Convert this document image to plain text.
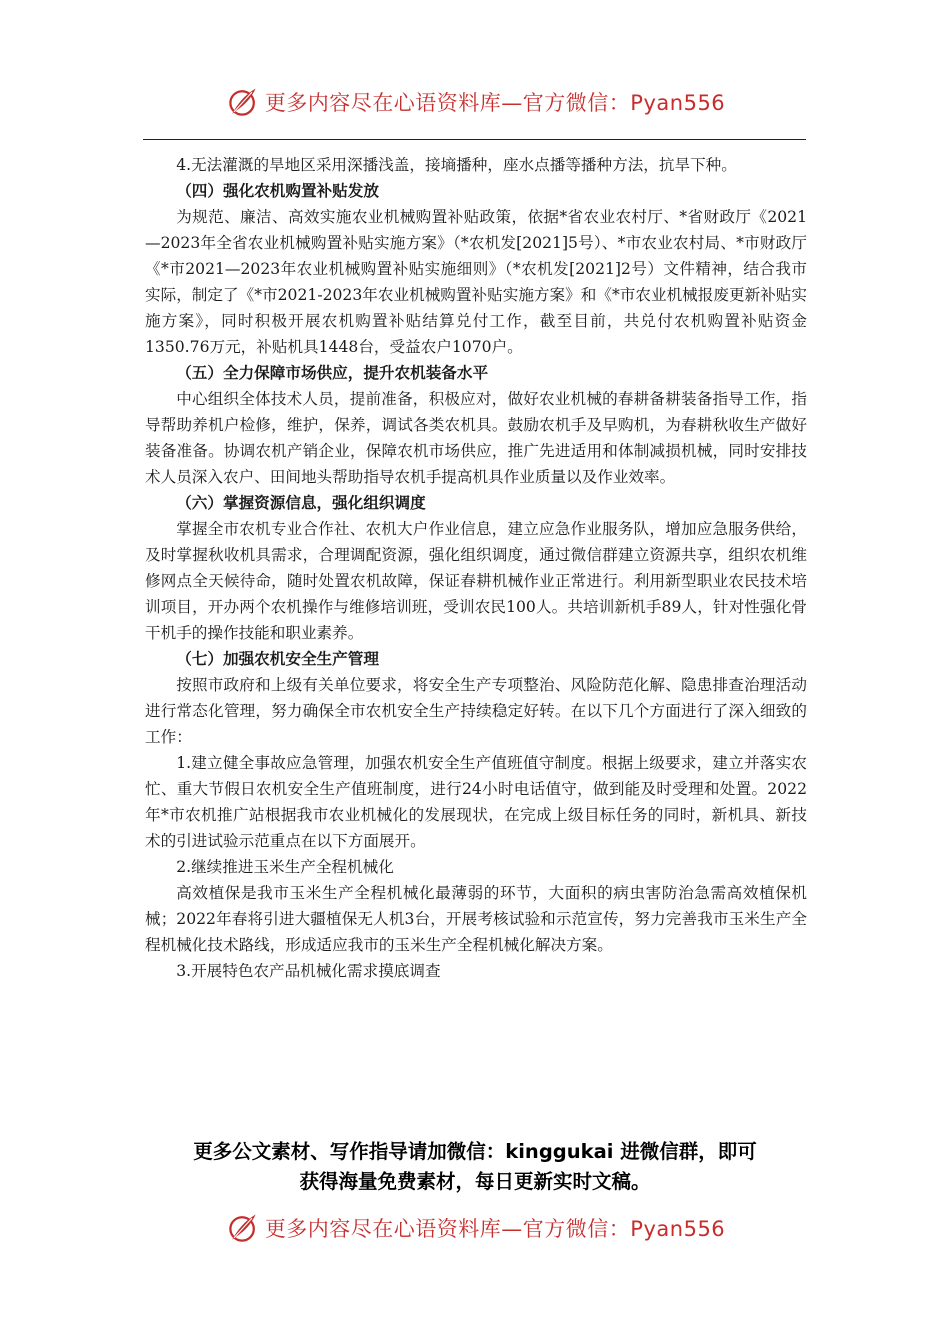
更多内容尽在心语资料库—官方微信：Pyan556

4.无法灌溉的旱地区采用深播浅盖，接墒播种，座水点播等播种方法，抗旱下种。

（四）强化农机购置补贴发放

为规范、廉洁、高效实施农业机械购置补贴政策，依据*省农业农村厅、*省财政厅《2021—2023年全省农业机械购置补贴实施方案》（*农机发[2021]5号）、*市农业农村局、*市财政厅《*市2021—2023年农业机械购置补贴实施细则》（*农机发[2021]2号）文件精神，结合我市实际，制定了《*市2021-2023年农业机械购置补贴实施方案》和《*市农业机械报废更新补贴实施方案》，同时积极开展农机购置补贴结算兑付工作，截至目前，共兑付农机购置补贴资金1350.76万元，补贴机具1448台，受益农户1070户。

（五）全力保障市场供应，提升农机装备水平

中心组织全体技术人员，提前准备，积极应对，做好农业机械的春耕备耕装备指导工作，指导帮助养机户检修，维护，保养，调试各类农机具。鼓励农机手及早购机，为春耕秋收生产做好装备准备。协调农机产销企业，保障农机市场供应，推广先进适用和体制减损机械，同时安排技术人员深入农户、田间地头帮助指导农机手提高机具作业质量以及作业效率。

（六）掌握资源信息，强化组织调度

掌握全市农机专业合作社、农机大户作业信息，建立应急作业服务队，增加应急服务供给，及时掌握秋收机具需求，合理调配资源，强化组织调度，通过微信群建立资源共享，组织农机维修网点全天候待命，随时处置农机故障，保证春耕机械作业正常进行。利用新型职业农民技术培训项目，开办两个农机操作与维修培训班，受训农民100人。共培训新机手89人，针对性强化骨干机手的操作技能和职业素养。

（七）加强农机安全生产管理

按照市政府和上级有关单位要求，将安全生产专项整治、风险防范化解、隐患排查治理活动进行常态化管理，努力确保全市农机安全生产持续稳定好转。在以下几个方面进行了深入细致的工作：

1.建立健全事故应急管理，加强农机安全生产值班值守制度。根据上级要求，建立并落实农忙、重大节假日农机安全生产值班制度，进行24小时电话值守，做到能及时受理和处置。2022年*市农机推广站根据我市农业机械化的发展现状，在完成上级目标任务的同时，新机具、新技术的引进试验示范重点在以下方面展开。

2.继续推进玉米生产全程机械化

高效植保是我市玉米生产全程机械化最薄弱的环节，大面积的病虫害防治急需高效植保机械；2022年春将引进大疆植保无人机3台，开展考核试验和示范宣传，努力完善我市玉米生产全程机械化技术路线，形成适应我市的玉米生产全程机械化解决方案。

3.开展特色农产品机械化需求摸底调查

更多公文素材、写作指导请加微信：kinggukai 进微信群，即可
获得海量免费素材，每日更新实时文稿。
更多内容尽在心语资料库—官方微信：Pyan556
